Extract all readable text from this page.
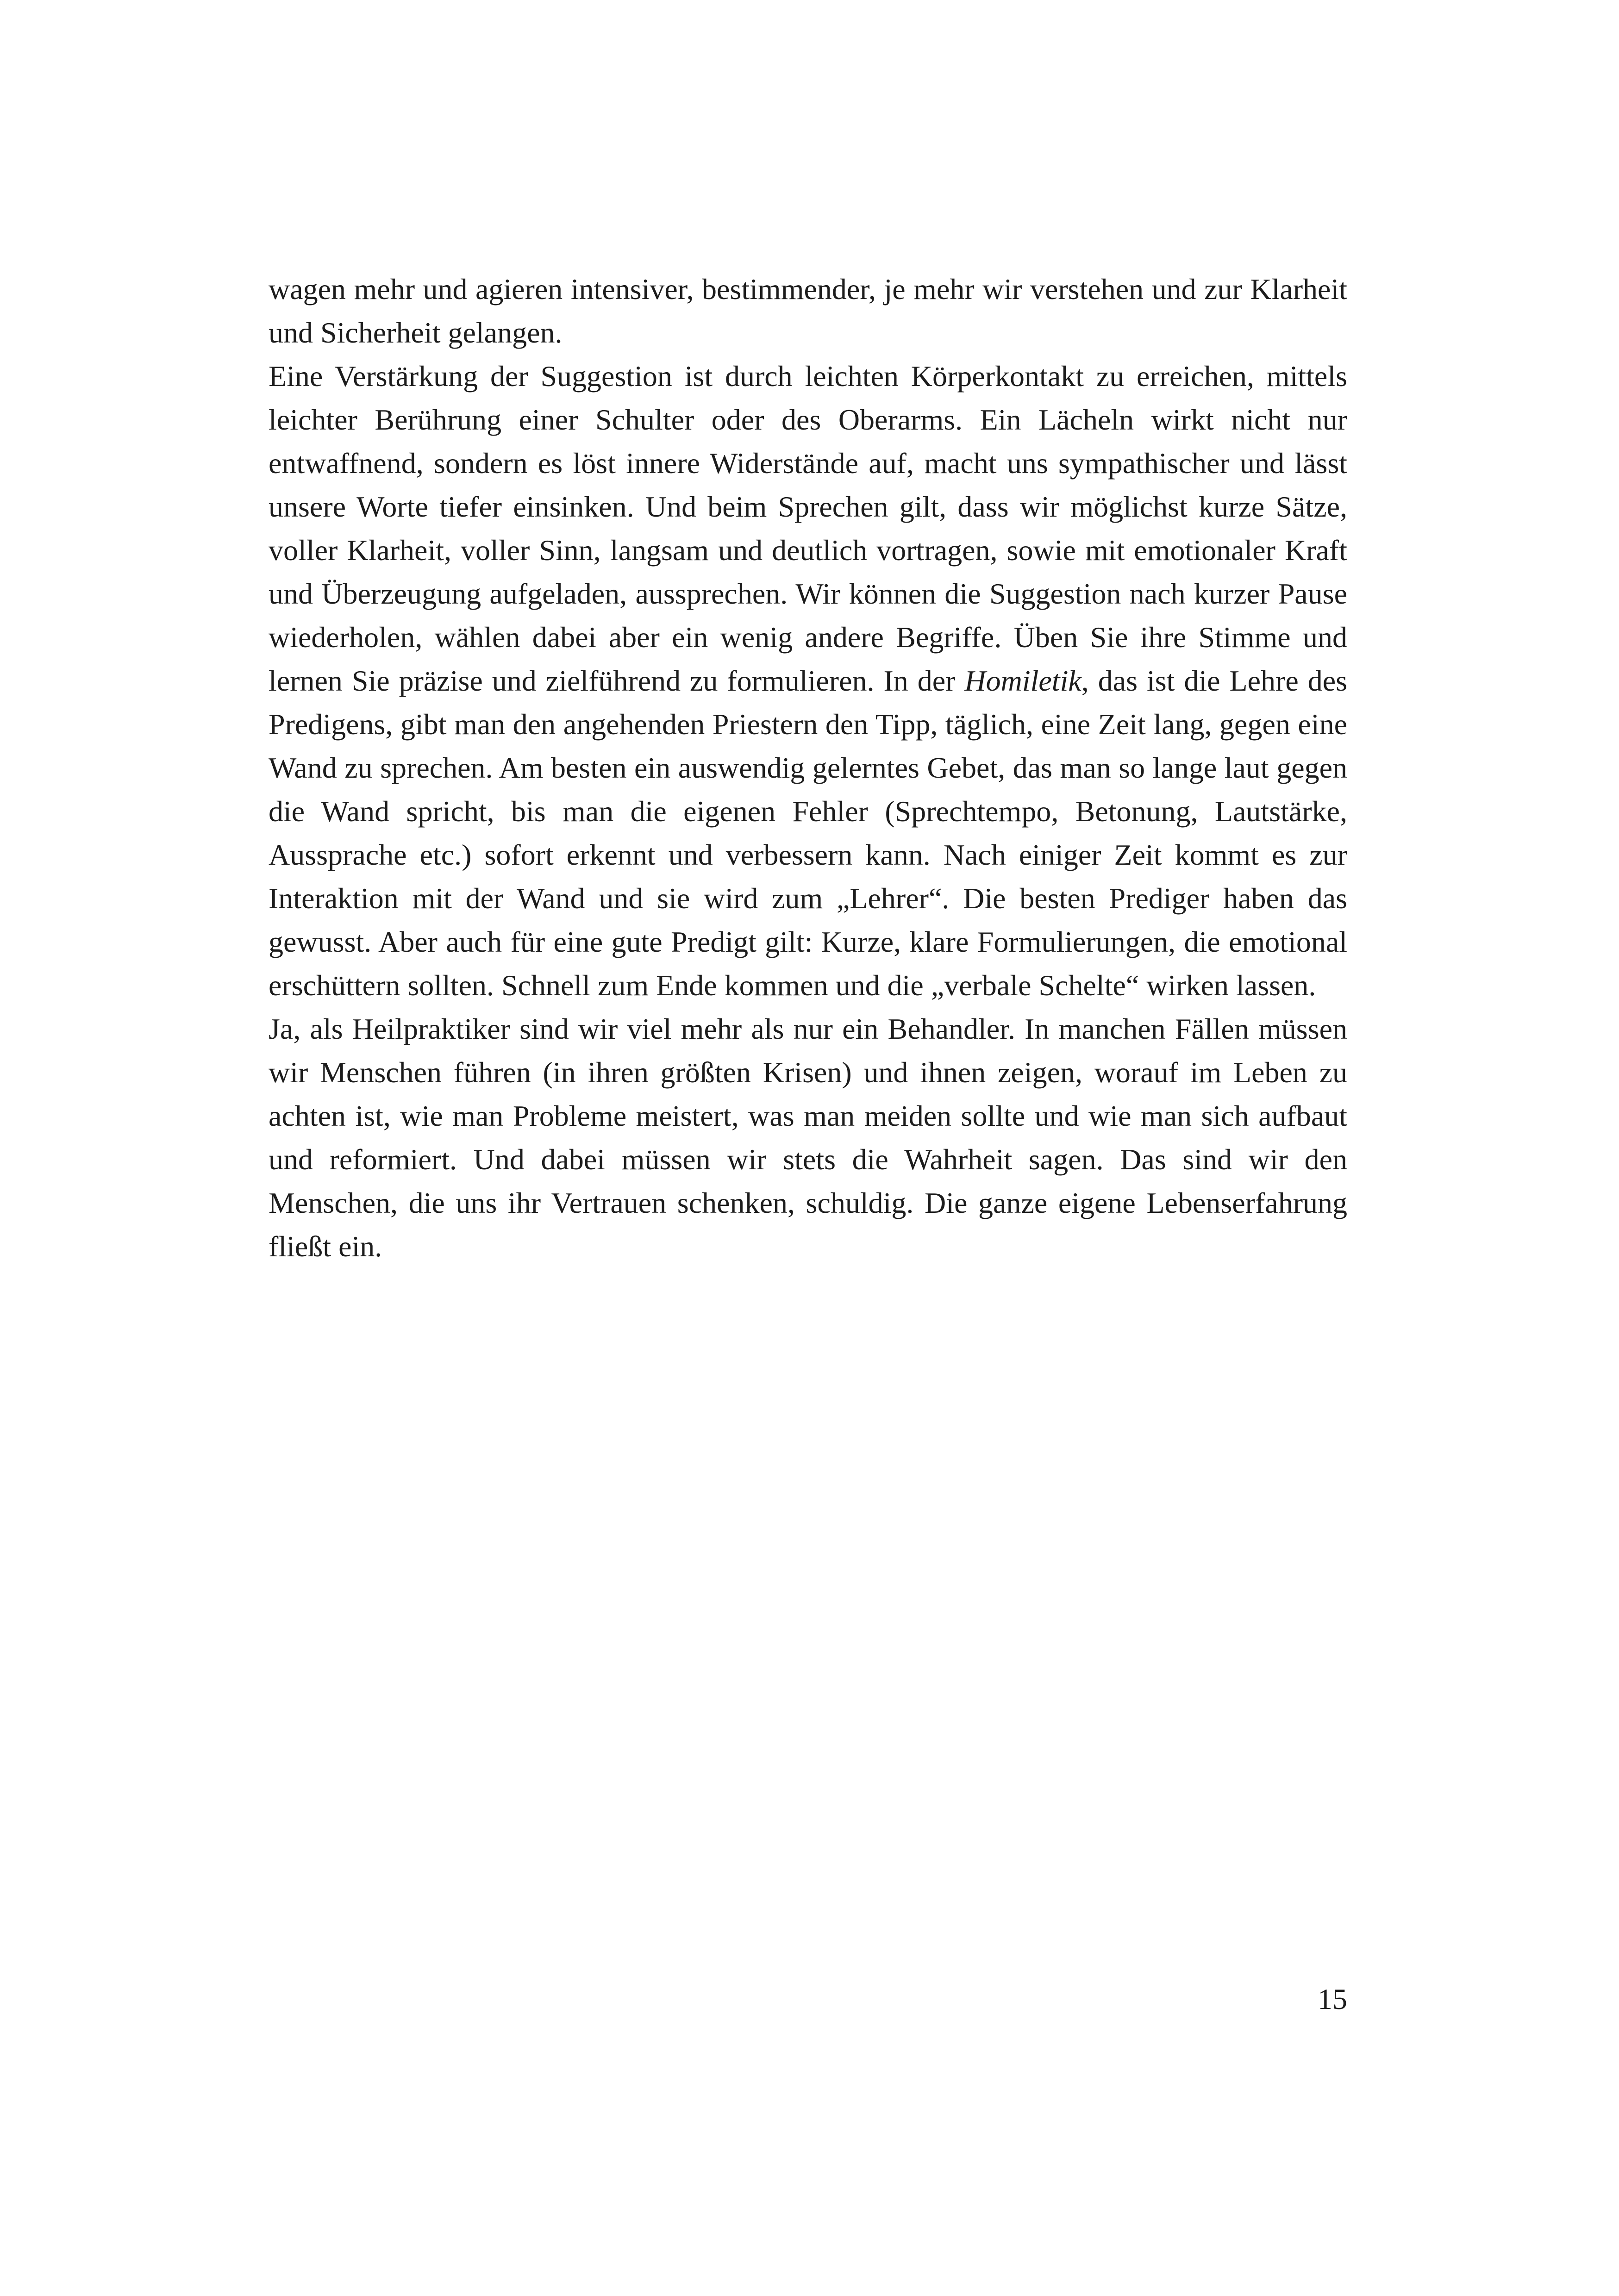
wagen mehr und agieren intensiver, bestimmender, je mehr wir verstehen und zur Klarheit und Sicherheit gelangen.

Eine Verstärkung der Suggestion ist durch leichten Körperkontakt zu erreichen, mittels leichter Berührung einer Schulter oder des Oberarms. Ein Lächeln wirkt nicht nur entwaffnend, sondern es löst innere Widerstände auf, macht uns sympathischer und lässt unsere Worte tiefer einsinken. Und beim Sprechen gilt, dass wir möglichst kurze Sätze, voller Klarheit, voller Sinn, langsam und deutlich vortragen, sowie mit emotionaler Kraft und Überzeugung aufgeladen, aussprechen. Wir können die Suggestion nach kurzer Pause wiederholen, wählen dabei aber ein wenig andere Begriffe. Üben Sie ihre Stimme und lernen Sie präzise und zielführend zu formulieren. In der Homiletik, das ist die Lehre des Predigens, gibt man den angehenden Priestern den Tipp, täglich, eine Zeit lang, gegen eine Wand zu sprechen. Am besten ein auswendig gelerntes Gebet, das man so lange laut gegen die Wand spricht, bis man die eigenen Fehler (Sprechtempo, Betonung, Lautstärke, Aussprache etc.) sofort erkennt und verbessern kann. Nach einiger Zeit kommt es zur Interaktion mit der Wand und sie wird zum „Lehrer“. Die besten Prediger haben das gewusst. Aber auch für eine gute Predigt gilt: Kurze, klare Formulierungen, die emotional erschüttern sollten. Schnell zum Ende kommen und die „verbale Schelte“ wirken lassen.

Ja, als Heilpraktiker sind wir viel mehr als nur ein Behandler. In manchen Fällen müssen wir Menschen führen (in ihren größten Krisen) und ihnen zeigen, worauf im Leben zu achten ist, wie man Probleme meistert, was man meiden sollte und wie man sich aufbaut und reformiert. Und dabei müssen wir stets die Wahrheit sagen. Das sind wir den Menschen, die uns ihr Vertrauen schenken, schuldig. Die ganze eigene Lebenserfahrung fließt ein.

15
